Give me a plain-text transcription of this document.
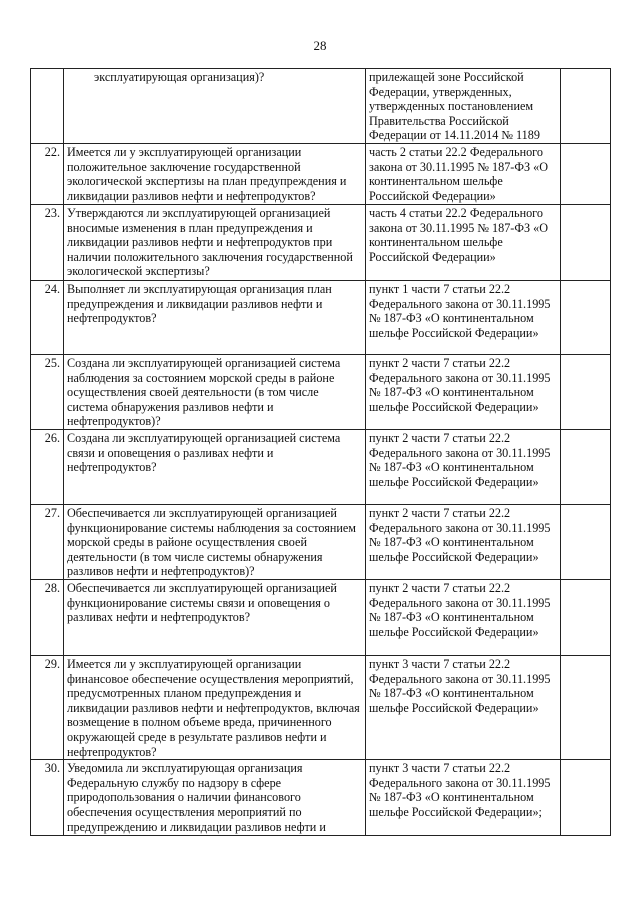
28
	эксплуатирующая организация)?	прилежащей зоне Российской Федерации, утвержденных, утвержденных постановлением Правительства Российской Федерации от 14.11.2014 № 1189	
22.	Имеется ли у эксплуатирующей организации положительное заключение государственной экологической экспертизы на план предупреждения и ликвидации разливов нефти и нефтепродуктов?	часть 2 статьи 22.2 Федерального закона от 30.11.1995 № 187-ФЗ «О континентальном шельфе Российской Федерации»	
23.	Утверждаются ли эксплуатирующей организацией вносимые изменения в план предупреждения и ликвидации разливов нефти и нефтепродуктов при наличии положительного заключения государственной экологической экспертизы?	часть 4 статьи 22.2 Федерального закона от 30.11.1995 № 187-ФЗ «О континентальном шельфе Российской Федерации»	
24.	Выполняет ли эксплуатирующая организация план предупреждения и ликвидации разливов нефти и нефтепродуктов?	пункт 1 части 7 статьи 22.2 Федерального закона от 30.11.1995 № 187-ФЗ «О континентальном шельфе Российской Федерации»	
25.	Создана ли эксплуатирующей организацией система наблюдения за состоянием морской среды в районе осуществления своей деятельности (в том числе система обнаружения разливов нефти и нефтепродуктов)?	пункт 2 части 7 статьи 22.2 Федерального закона от 30.11.1995 № 187-ФЗ «О континентальном шельфе Российской Федерации»	
26.	Создана ли эксплуатирующей организацией система связи и оповещения о разливах нефти и нефтепродуктов?	пункт 2 части 7 статьи 22.2 Федерального закона от 30.11.1995 № 187-ФЗ «О континентальном шельфе Российской Федерации»	
27.	Обеспечивается ли эксплуатирующей организацией функционирование системы наблюдения за состоянием морской среды в районе осуществления своей деятельности (в том числе системы обнаружения разливов нефти и нефтепродуктов)?	пункт 2 части 7 статьи 22.2 Федерального закона от 30.11.1995 № 187-ФЗ «О континентальном шельфе Российской Федерации»	
28.	Обеспечивается ли эксплуатирующей организацией функционирование системы связи и оповещения о разливах нефти и нефтепродуктов?	пункт 2 части 7 статьи 22.2 Федерального закона от 30.11.1995 № 187-ФЗ «О континентальном шельфе Российской Федерации»	
29.	Имеется ли у эксплуатирующей организации финансовое обеспечение осуществления мероприятий, предусмотренных планом предупреждения и ликвидации разливов нефти и нефтепродуктов, включая возмещение в полном объеме вреда, причиненного окружающей среде в результате разливов нефти и нефтепродуктов?	пункт 3 части 7 статьи 22.2 Федерального закона от 30.11.1995 № 187-ФЗ «О континентальном шельфе Российской Федерации»	
30.	Уведомила ли эксплуатирующая организация Федеральную службу по надзору в сфере природопользования о наличии финансового обеспечения осуществления мероприятий по предупреждению и ликвидации разливов нефти и	пункт 3 части 7 статьи 22.2 Федерального закона от 30.11.1995 № 187-ФЗ «О континентальном шельфе Российской Федерации»;	
